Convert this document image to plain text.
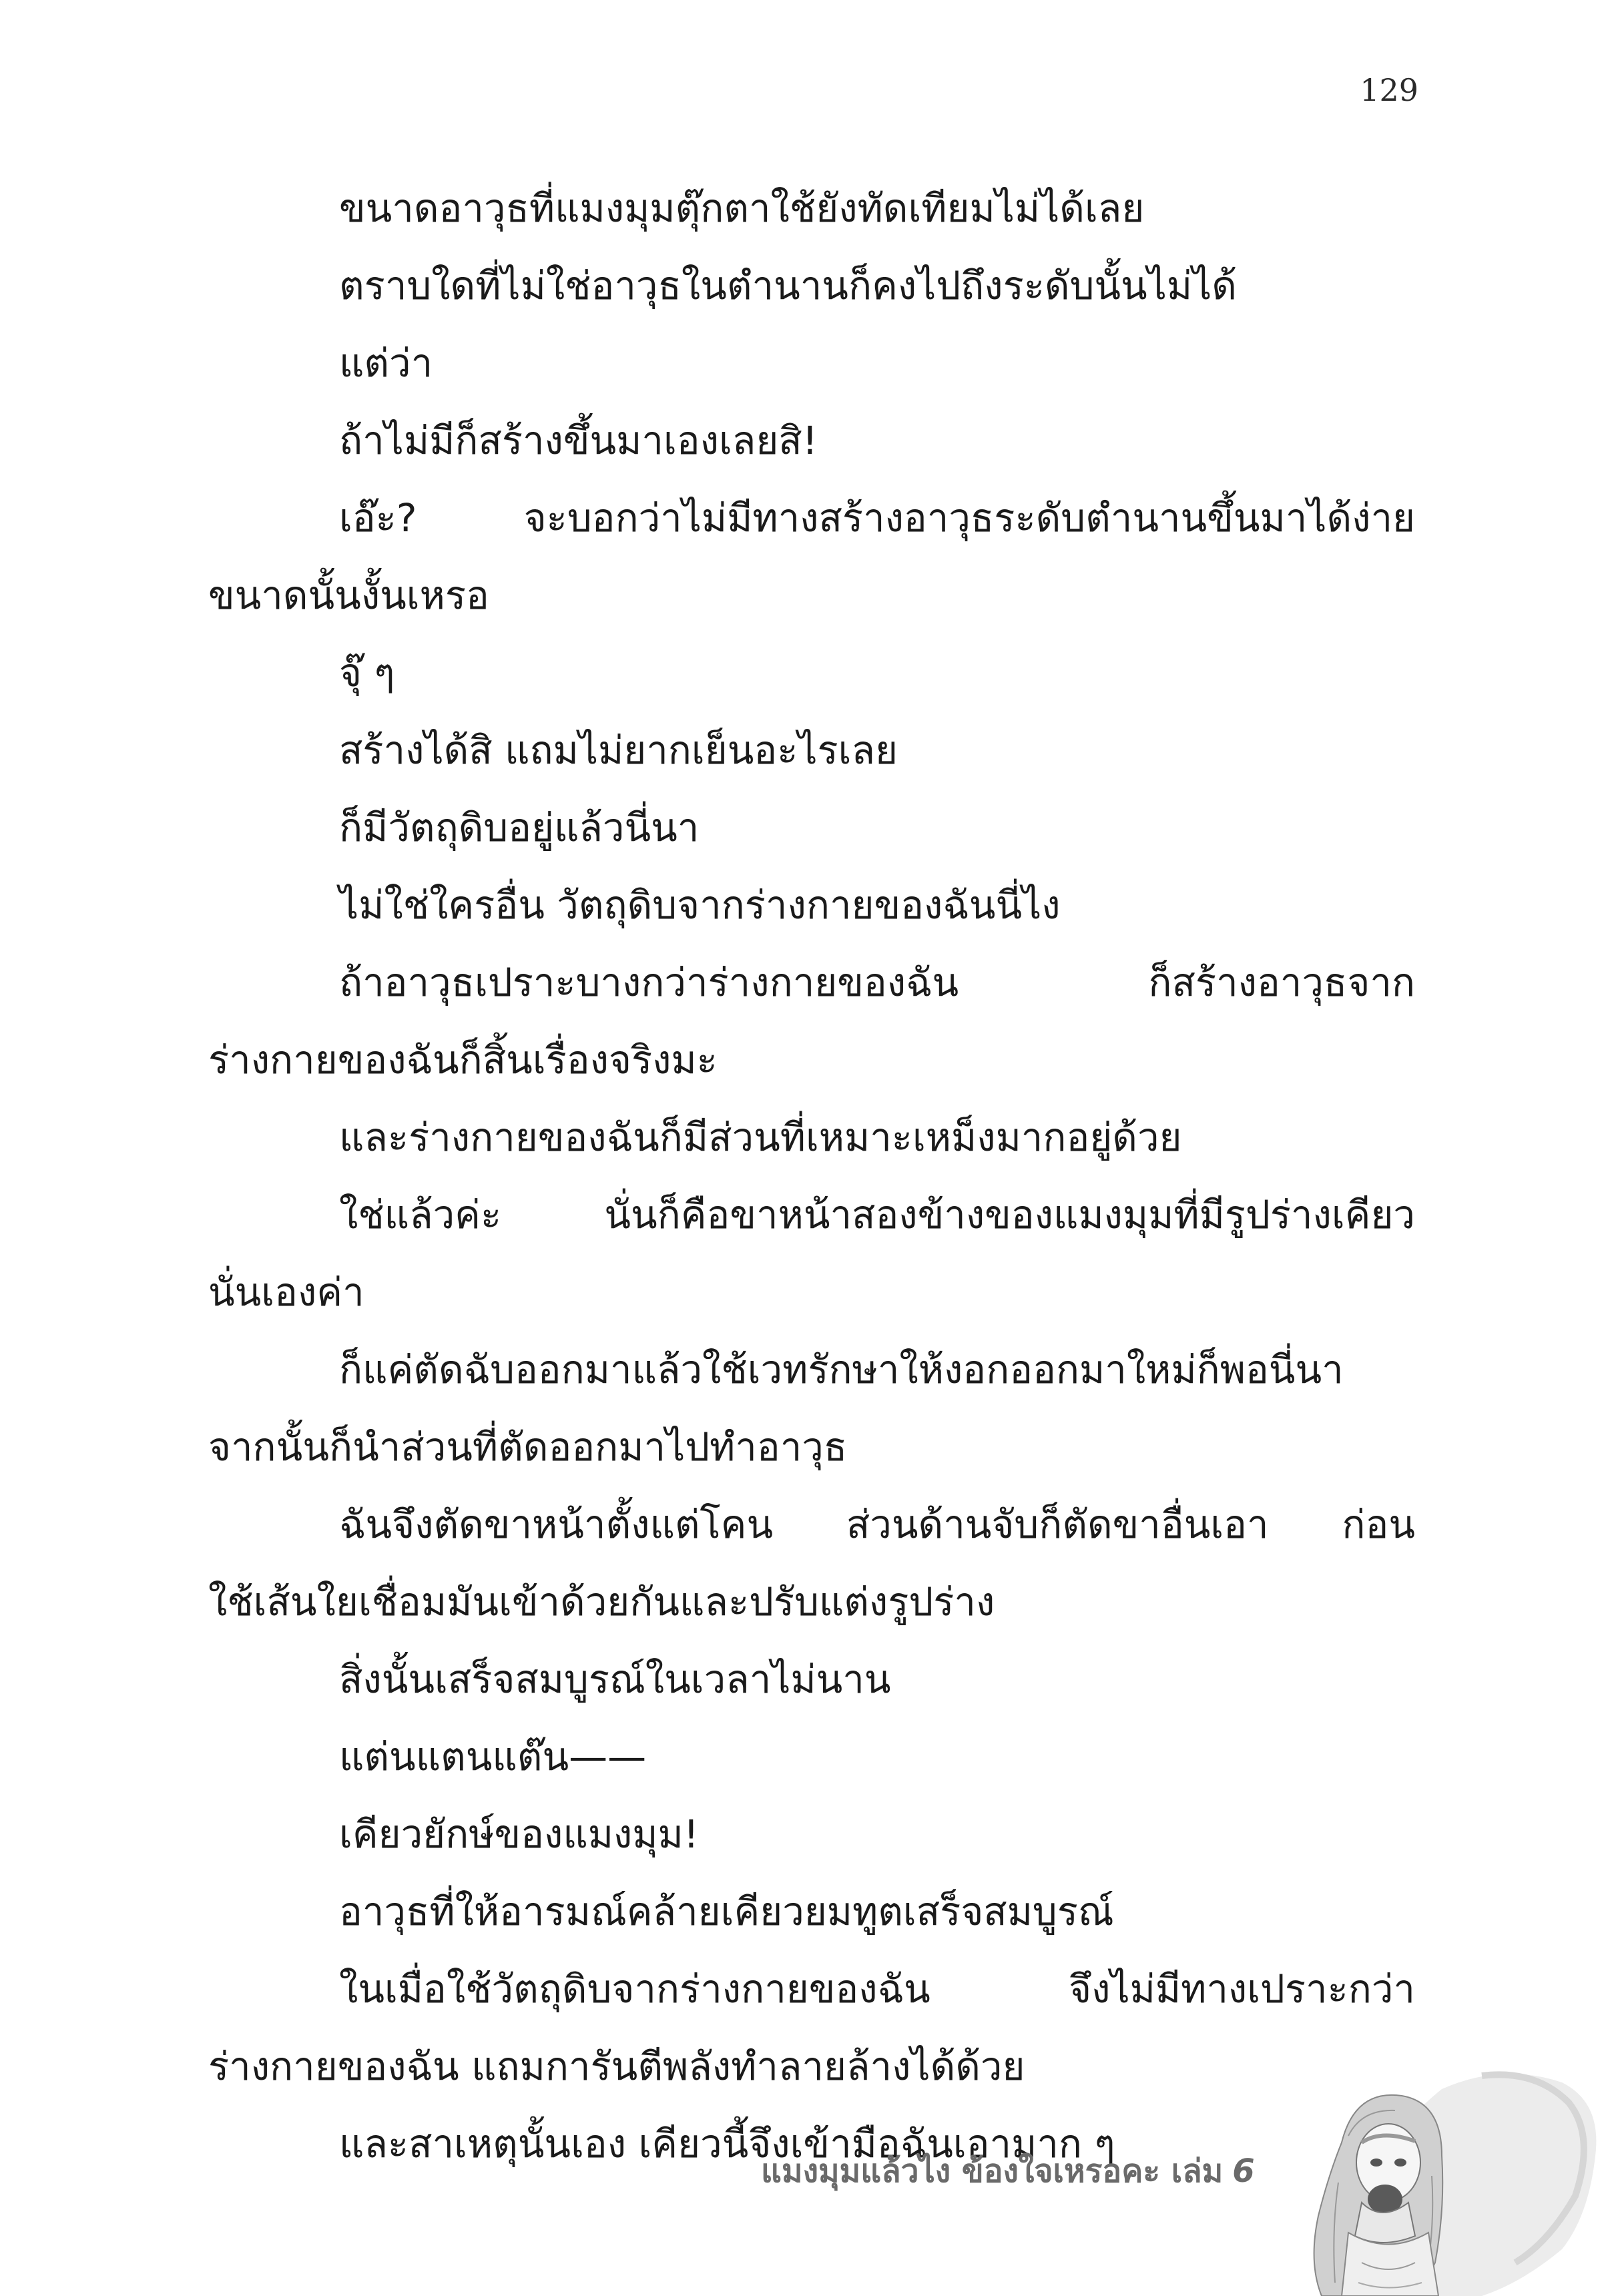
129
ขนาดอาวุธที่แมงมุมตุ๊กตาใช้ยังทัดเทียมไม่ได้เลย
ตราบใดที่ไม่ใช่อาวุธในตำนานก็คงไปถึงระดับนั้นไม่ได้
แต่ว่า
ถ้าไม่มีก็สร้างขึ้นมาเองเลยสิ!
เอ๊ะ? จะบอกว่าไม่มีทางสร้างอาวุธระดับตำนานขึ้นมาได้ง่าย
ขนาดนั้นงั้นเหรอ
จุ๊ ๆ
สร้างได้สิ แถมไม่ยากเย็นอะไรเลย
ก็มีวัตถุดิบอยู่แล้วนี่นา
ไม่ใช่ใครอื่น วัตถุดิบจากร่างกายของฉันนี่ไง
ถ้าอาวุธเปราะบางกว่าร่างกายของฉัน ก็สร้างอาวุธจาก
ร่างกายของฉันก็สิ้นเรื่องจริงมะ
และร่างกายของฉันก็มีส่วนที่เหมาะเหม็งมากอยู่ด้วย
ใช่แล้วค่ะ นั่นก็คือขาหน้าสองข้างของแมงมุมที่มีรูปร่างเคียว
นั่นเองค่า
ก็แค่ตัดฉับออกมาแล้วใช้เวทรักษาให้งอกออกมาใหม่ก็พอนี่นา
จากนั้นก็นำส่วนที่ตัดออกมาไปทำอาวุธ
ฉันจึงตัดขาหน้าตั้งแต่โคน ส่วนด้านจับก็ตัดขาอื่นเอา ก่อน
ใช้เส้นใยเชื่อมมันเข้าด้วยกันและปรับแต่งรูปร่าง
สิ่งนั้นเสร็จสมบูรณ์ในเวลาไม่นาน
แต่นแตนแต๊น——
เคียวยักษ์ของแมงมุม!
อาวุธที่ให้อารมณ์คล้ายเคียวยมทูตเสร็จสมบูรณ์
ในเมื่อใช้วัตถุดิบจากร่างกายของฉัน จึงไม่มีทางเปราะกว่า
ร่างกายของฉัน แถมการันตีพลังทำลายล้างได้ด้วย
และสาเหตุนั้นเอง เคียวนี้จึงเข้ามือฉันเอามาก ๆ
แมงมุมแล้วไง ข้องใจเหรอคะ เล่ม 6
